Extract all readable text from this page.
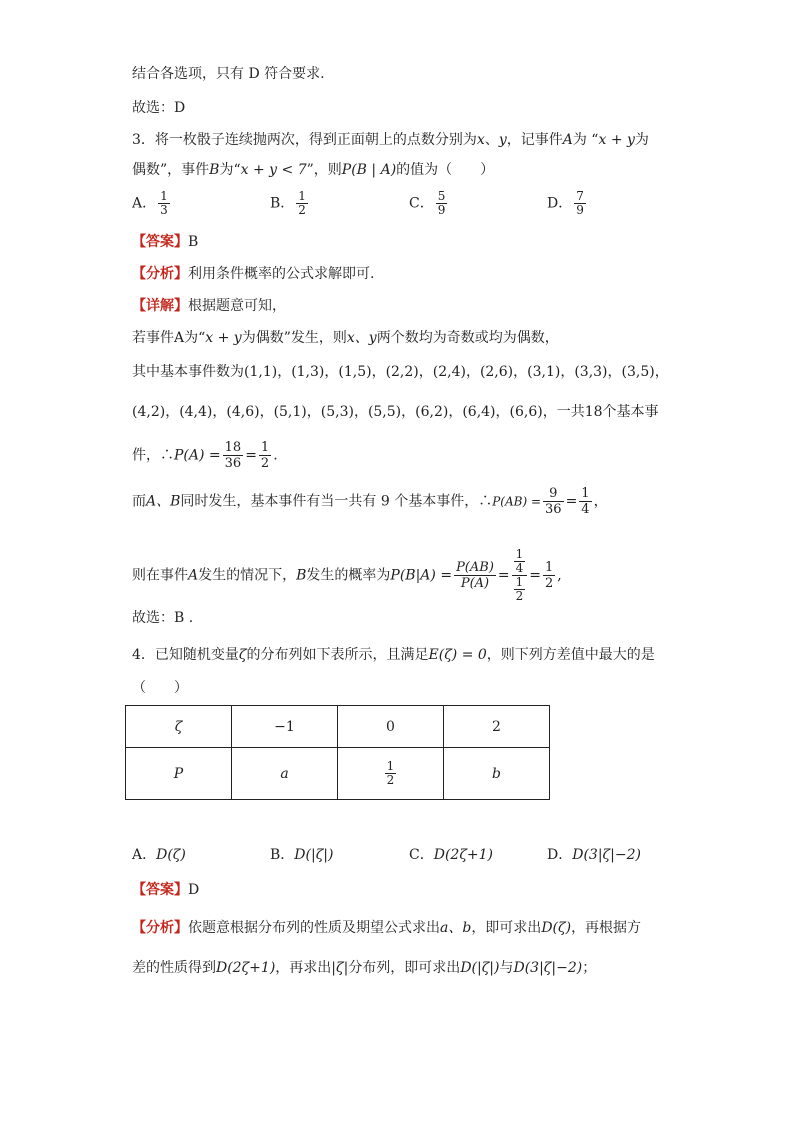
结合各选项，只有 D 符合要求.
故选：D
3．将一枚骰子连续抛两次，得到正面朝上的点数分别为x、y，记事件A为 “x + y为
偶数”，事件B为“x + y < 7”，则P(B | A)的值为（　　）
A． $\frac{1}{3}$	B． $\frac{1}{2}$	C． $\frac{5}{9}$	D． $\frac{7}{9}$
【答案】B
【分析】利用条件概率的公式求解即可.
【详解】根据题意可知，
若事件A为“x + y为偶数”发生，则x、y两个数均为奇数或均为偶数，
其中基本事件数为(1,1)，(1,3)，(1,5)，(2,2)，(2,4)，(2,6)，(3,1)，(3,3)，(3,5)，
(4,2)，(4,4)，(4,6)，(5,1)，(5,3)，(5,5)，(6,2)，(6,4)，(6,6)，一共18个基本事
件，∴P(A) = $\frac{18}{36} = \frac{1}{2}$ .
而A、B同时发生，基本事件有当一共有 9 个基本事件，∴P(AB) = $\frac{9}{36} = \frac{1}{4}$ ，
则在事件A发生的情况下，B发生的概率为$P(B|A) = \frac{P(AB)}{P(A)} = \frac{\frac{1}{4}}{\frac{1}{2}} = \frac{1}{2}$ ,
故选：B .
4．已知随机变量ζ的分布列如下表所示，且满足E(ζ) = 0，则下列方差值中最大的是
（　　）
ζ	−1	0	2
P	a	$\frac{1}{2}$	b
A．D(ζ)	B．D(|ζ|)	C．D(2ζ+1)	D．D(3|ζ|−2)
【答案】D
【分析】依题意根据分布列的性质及期望公式求出a、b，即可求出D(ζ)，再根据方
差的性质得到D(2ζ+1)，再求出|ζ|分布列，即可求出D(|ζ|)与D(3|ζ|−2)；
